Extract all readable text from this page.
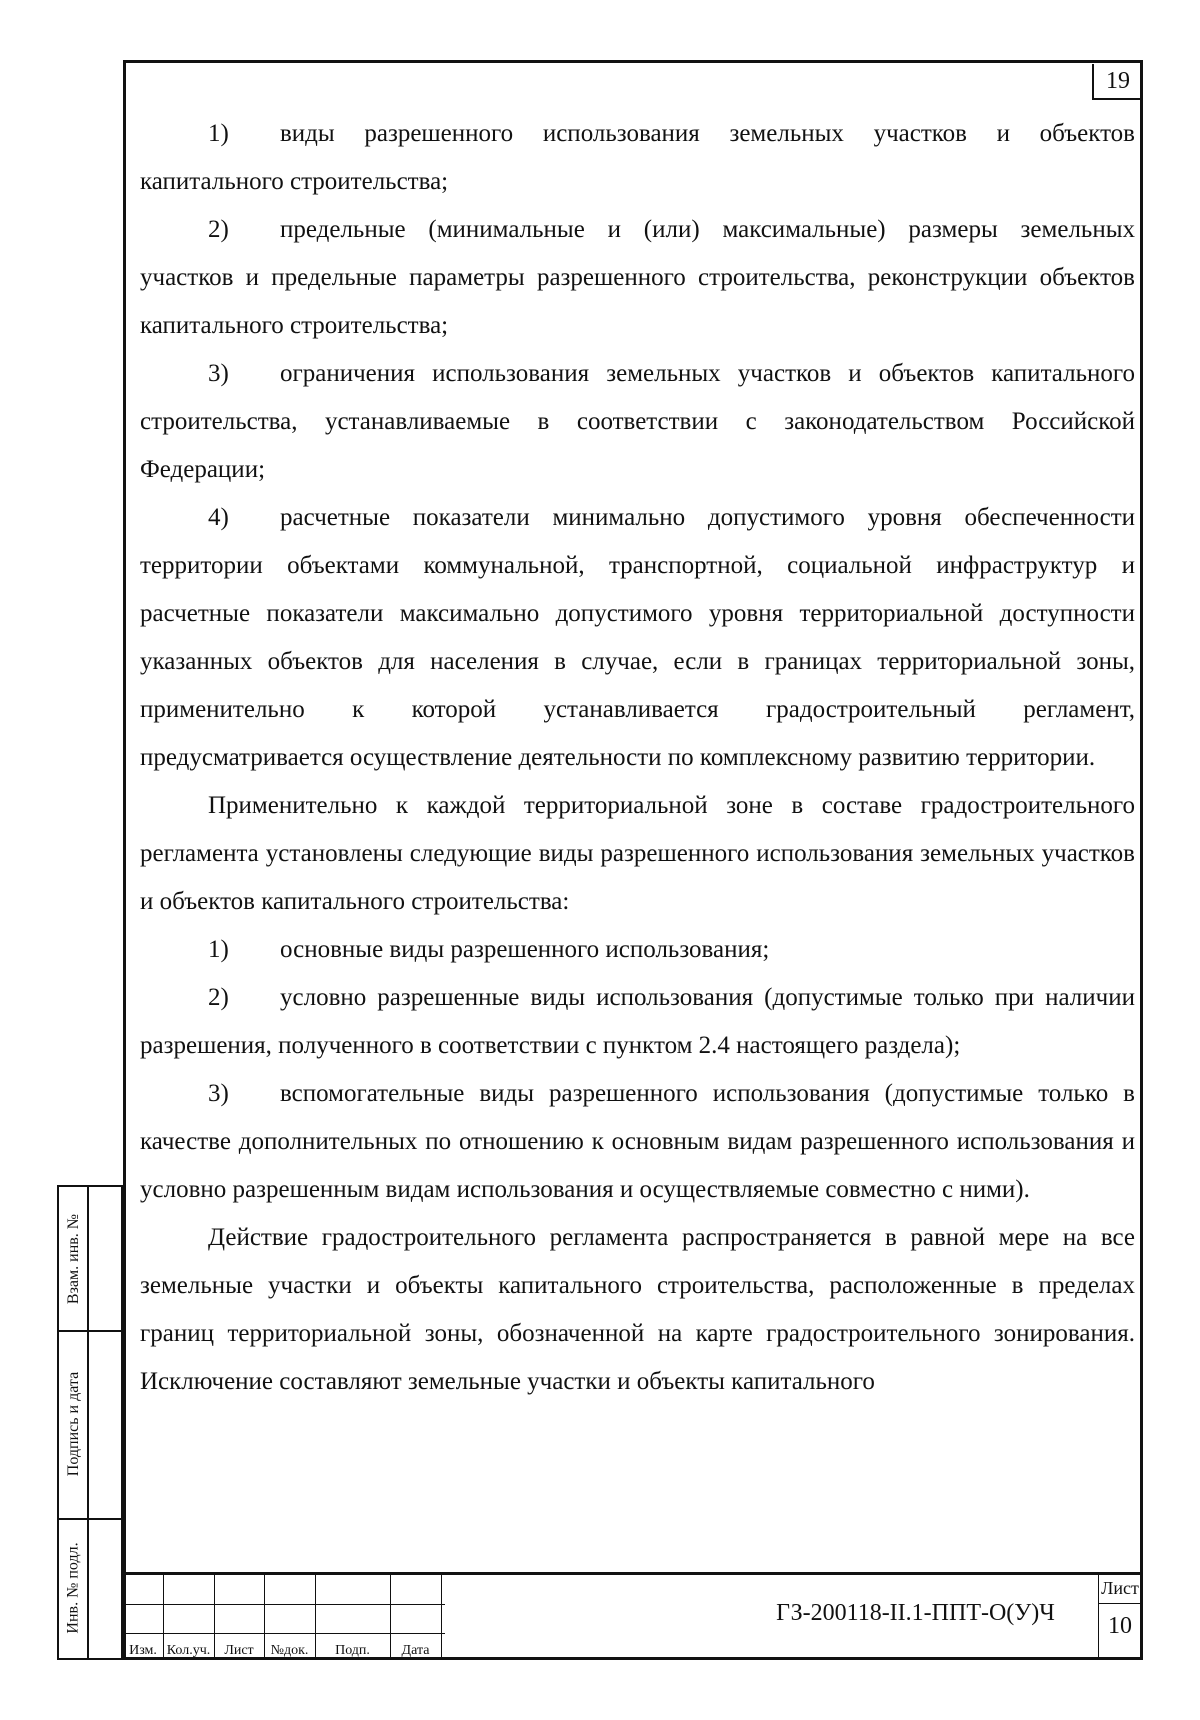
19

1) виды разрешенного использования земельных участков и объектов капитального строительства;

2) предельные (минимальные и (или) максимальные) размеры земельных участков и предельные параметры разрешенного строительства, реконструкции объектов капитального строительства;

3) ограничения использования земельных участков и объектов капитального строительства, устанавливаемые в соответствии с законодательством Российской Федерации;

4) расчетные показатели минимально допустимого уровня обеспеченности территории объектами коммунальной, транспортной, социальной инфраструктур и расчетные показатели максимально допустимого уровня территориальной доступности указанных объектов для населения в случае, если в границах территориальной зоны, применительно к которой устанавливается градостроительный регламент, предусматривается осуществление деятельности по комплексному развитию территории.

Применительно к каждой территориальной зоне в составе градостроительного регламента установлены следующие виды разрешенного использования земельных участков и объектов капитального строительства:

1) основные виды разрешенного использования;

2) условно разрешенные виды использования (допустимые только при наличии разрешения, полученного в соответствии с пунктом 2.4 настоящего раздела);

3) вспомогательные виды разрешенного использования (допустимые только в качестве дополнительных по отношению к основным видам разрешенного использования и условно разрешенным видам использования и осуществляемые совместно с ними).

Действие градостроительного регламента распространяется в равной мере на все земельные участки и объекты капитального строительства, расположенные в пределах границ территориальной зоны, обозначенной на карте градостроительного зонирования. Исключение составляют земельные участки и объекты капитального

Взам. инв. №
Подпись и дата
Инв. № подл.
Изм. Кол.уч.	Лист	№док.	Подп.	Дата
ГЗ-200118-II.1-ППТ-О(У)Ч
Лист
10
